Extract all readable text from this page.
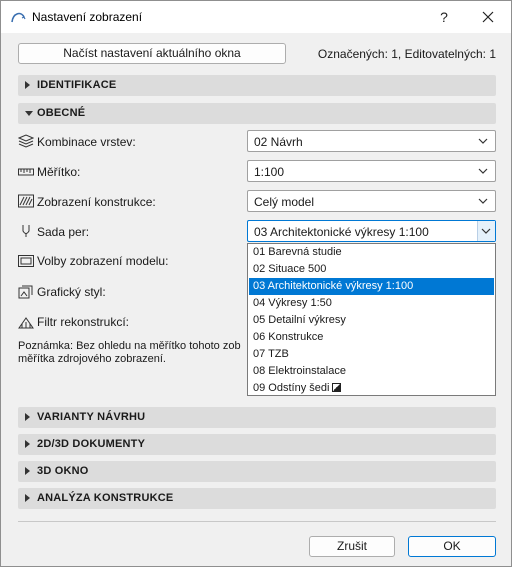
Nastavení zobrazení	?
Načíst nastavení aktuálního okna	Označených: 1, Editovatelných: 1
IDENTIFIKACE
OBECNÉ
Kombinace vrstev:	02 Návrh
Měřítko:	1:100
Zobrazení konstrukce:	Celý model
Sada per:	03 Architektonické výkresy 1:100
Volby zobrazení modelu:
Grafický styl:
Filtr rekonstrukcí:
Poznámka: Bez ohledu na měřítko tohoto zob
měřítka zdrojového zobrazení.
VARIANTY NÁVRHU
2D/3D DOKUMENTY
3D OKNO
ANALÝZA KONSTRUKCE
01 Barevná studie
02 Situace 500
03 Architektonické výkresy 1:100
04 Výkresy 1:50
05 Detailní výkresy
06 Konstrukce
07 TZB
08 Elektroinstalace
09 Odstíny šedi
Zrušit	OK
